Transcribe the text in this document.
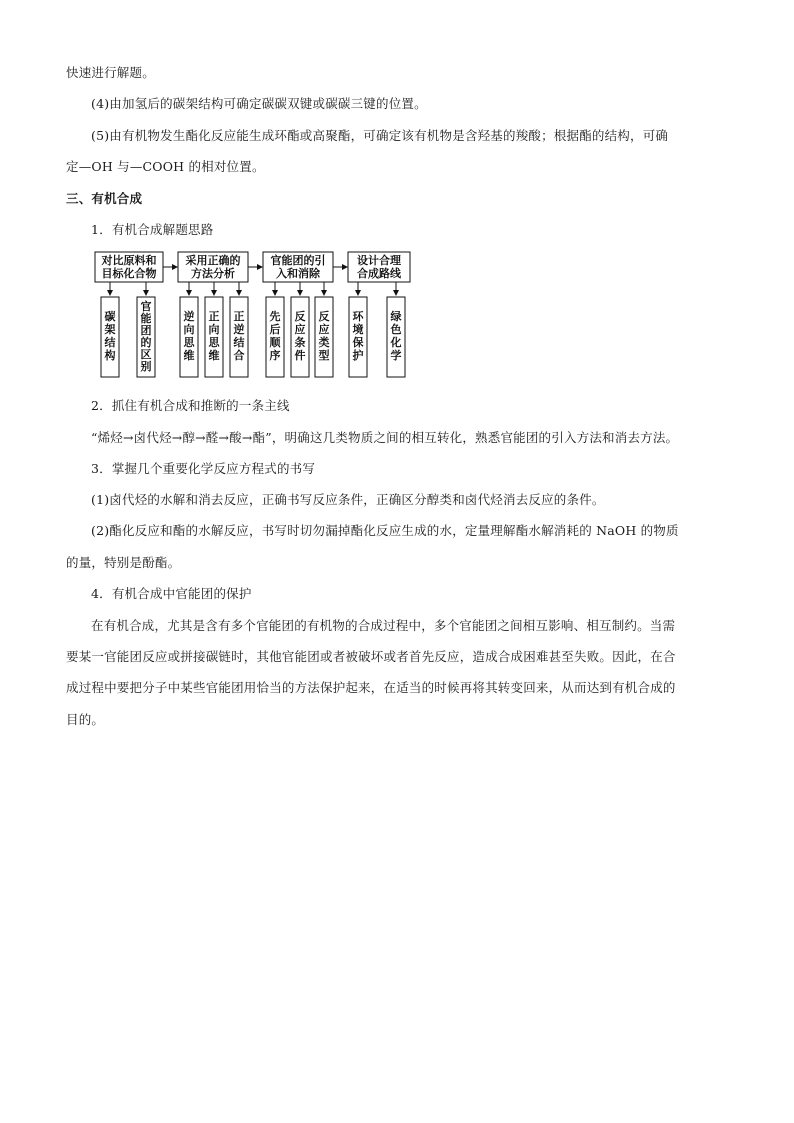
快速进行解题。
(4)由加氢后的碳架结构可确定碳碳双键或碳碳三键的位置。
(5)由有机物发生酯化反应能生成环酯或高聚酯，可确定该有机物是含羟基的羧酸；根据酯的结构，可确
定—OH 与—COOH 的相对位置。
三、有机合成
1．有机合成解题思路
对比原料和
目标化合物
采用正确的
方法分析
官能团的引
入和消除
设计合理
合成路线
碳
架
结
构
官
能
团
的
区
别
逆
向
思
维
正
向
思
维
正
逆
结
合
先
后
顺
序
反
应
条
件
反
应
类
型
环
境
保
护
绿
色
化
学
2．抓住有机合成和推断的一条主线
“烯烃→卤代烃→醇→醛→酸→酯”，明确这几类物质之间的相互转化，熟悉官能团的引入方法和消去方法。
3．掌握几个重要化学反应方程式的书写
(1)卤代烃的水解和消去反应，正确书写反应条件，正确区分醇类和卤代烃消去反应的条件。
(2)酯化反应和酯的水解反应，书写时切勿漏掉酯化反应生成的水，定量理解酯水解消耗的 NaOH 的物质
的量，特别是酚酯。
4．有机合成中官能团的保护
在有机合成，尤其是含有多个官能团的有机物的合成过程中，多个官能团之间相互影响、相互制约。当需
要某一官能团反应或拼接碳链时，其他官能团或者被破坏或者首先反应，造成合成困难甚至失败。因此，在合
成过程中要把分子中某些官能团用恰当的方法保护起来，在适当的时候再将其转变回来，从而达到有机合成的
目的。
